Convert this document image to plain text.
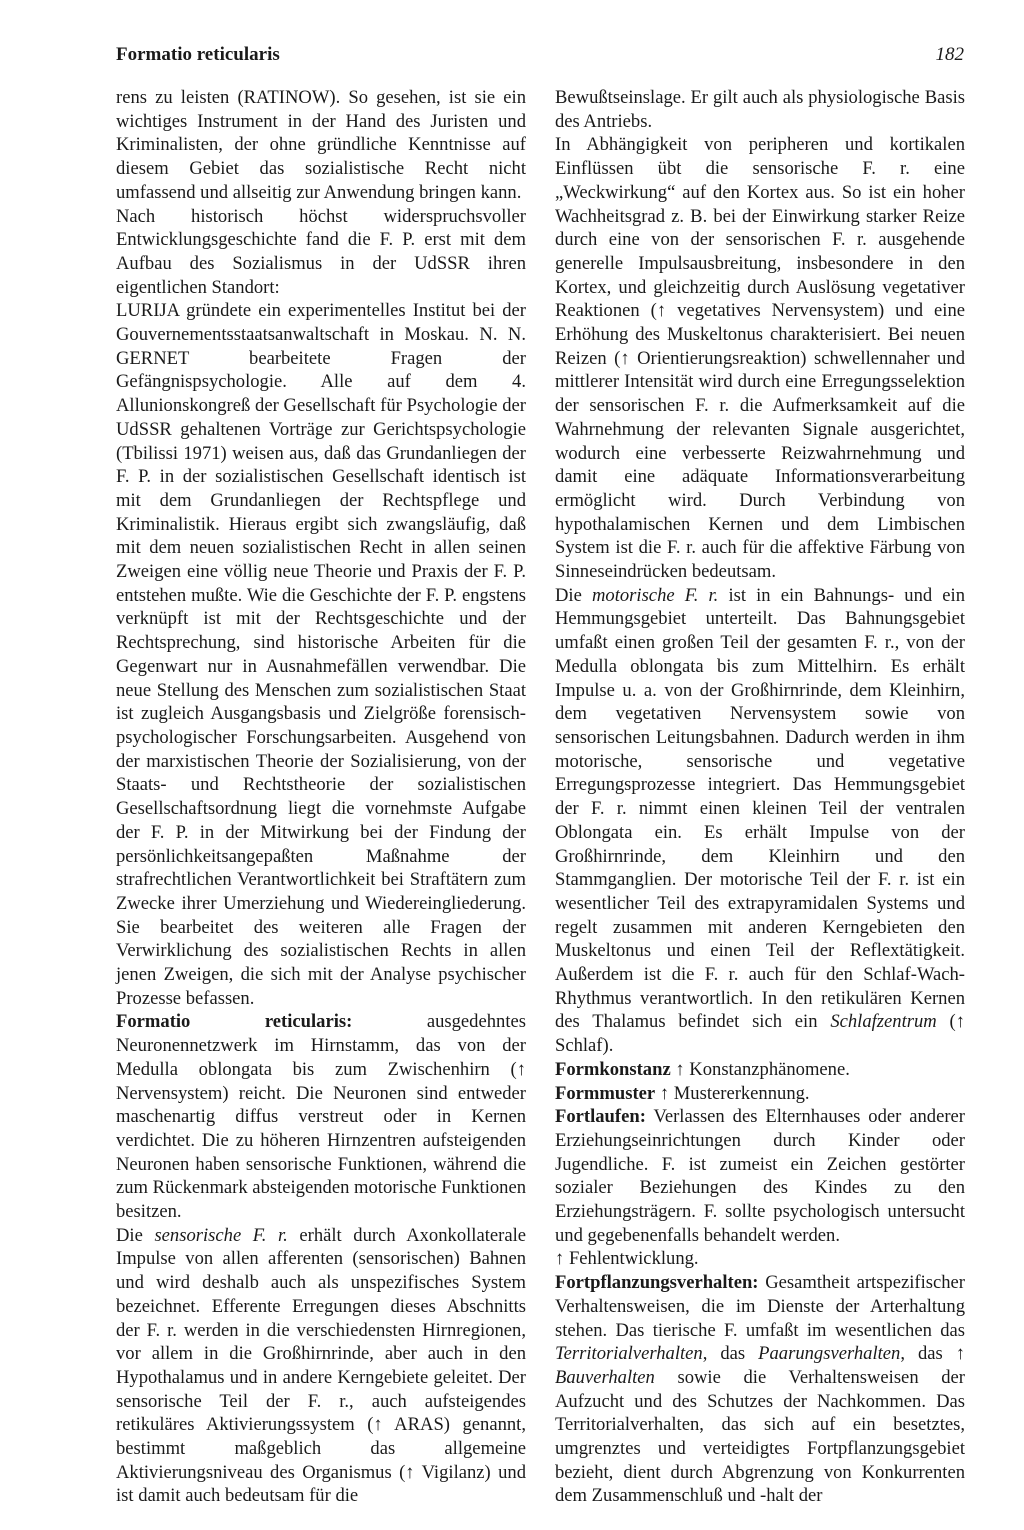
Formatio reticularis	182

rens zu leisten (RATINOW). So gesehen, ist sie ein wichtiges Instrument in der Hand des Juristen und Kriminalisten, der ohne gründliche Kenntnisse auf diesem Gebiet das sozialistische Recht nicht umfassend und allseitig zur Anwendung bringen kann.

Nach historisch höchst widerspruchsvoller Entwicklungsgeschichte fand die F. P. erst mit dem Aufbau des Sozialismus in der UdSSR ihren eigentlichen Standort:

LURIJA gründete ein experimentelles Institut bei der Gouvernementsstaatsanwaltschaft in Moskau. N. N. GERNET bearbeitete Fragen der Gefängnispsychologie. Alle auf dem 4. Allunionskongreß der Gesellschaft für Psychologie der UdSSR gehaltenen Vorträge zur Gerichtspsychologie (Tbilissi 1971) weisen aus, daß das Grundanliegen der F. P. in der sozialistischen Gesellschaft identisch ist mit dem Grundanliegen der Rechtspflege und Kriminalistik. Hieraus ergibt sich zwangsläufig, daß mit dem neuen sozialistischen Recht in allen seinen Zweigen eine völlig neue Theorie und Praxis der F. P. entstehen mußte. Wie die Geschichte der F. P. engstens verknüpft ist mit der Rechtsgeschichte und der Rechtsprechung, sind historische Arbeiten für die Gegenwart nur in Ausnahmefällen verwendbar. Die neue Stellung des Menschen zum sozialistischen Staat ist zugleich Ausgangsbasis und Zielgröße forensisch-psychologischer Forschungsarbeiten. Ausgehend von der marxistischen Theorie der Sozialisierung, von der Staats- und Rechtstheorie der sozialistischen Gesellschaftsordnung liegt die vornehmste Aufgabe der F. P. in der Mitwirkung bei der Findung der persönlichkeitsangepaßten Maßnahme der strafrechtlichen Verantwortlichkeit bei Straftätern zum Zwecke ihrer Umerziehung und Wiedereingliederung. Sie bearbeitet des weiteren alle Fragen der Verwirklichung des sozialistischen Rechts in allen jenen Zweigen, die sich mit der Analyse psychischer Prozesse befassen.

Formatio reticularis: ausgedehntes Neuronennetzwerk im Hirnstamm, das von der Medulla oblongata bis zum Zwischenhirn (↑ Nervensystem) reicht. Die Neuronen sind entweder maschenartig diffus verstreut oder in Kernen verdichtet. Die zu höheren Hirnzentren aufsteigenden Neuronen haben sensorische Funktionen, während die zum Rückenmark absteigenden motorische Funktionen besitzen.

Die sensorische F. r. erhält durch Axonkollaterale Impulse von allen afferenten (sensorischen) Bahnen und wird deshalb auch als unspezifisches System bezeichnet. Efferente Erregungen dieses Abschnitts der F. r. werden in die verschiedensten Hirnregionen, vor allem in die Großhirnrinde, aber auch in den Hypothalamus und in andere Kerngebiete geleitet. Der sensorische Teil der F. r., auch aufsteigendes retikuläres Aktivierungssystem (↑ ARAS) genannt, bestimmt maßgeblich das allgemeine Aktivierungsniveau des Organismus (↑ Vigilanz) und ist damit auch bedeutsam für die

Bewußtseinslage. Er gilt auch als physiologische Basis des Antriebs.

In Abhängigkeit von peripheren und kortikalen Einflüssen übt die sensorische F. r. eine „Weckwirkung“ auf den Kortex aus. So ist ein hoher Wachheitsgrad z. B. bei der Einwirkung starker Reize durch eine von der sensorischen F. r. ausgehende generelle Impulsausbreitung, insbesondere in den Kortex, und gleichzeitig durch Auslösung vegetativer Reaktionen (↑ vegetatives Nervensystem) und eine Erhöhung des Muskeltonus charakterisiert. Bei neuen Reizen (↑ Orientierungsreaktion) schwellennaher und mittlerer Intensität wird durch eine Erregungsselektion der sensorischen F. r. die Aufmerksamkeit auf die Wahrnehmung der relevanten Signale ausgerichtet, wodurch eine verbesserte Reizwahrnehmung und damit eine adäquate Informationsverarbeitung ermöglicht wird. Durch Verbindung von hypothalamischen Kernen und dem Limbischen System ist die F. r. auch für die affektive Färbung von Sinneseindrücken bedeutsam.

Die motorische F. r. ist in ein Bahnungs- und ein Hemmungsgebiet unterteilt. Das Bahnungsgebiet umfaßt einen großen Teil der gesamten F. r., von der Medulla oblongata bis zum Mittelhirn. Es erhält Impulse u. a. von der Großhirnrinde, dem Kleinhirn, dem vegetativen Nervensystem sowie von sensorischen Leitungsbahnen. Dadurch werden in ihm motorische, sensorische und vegetative Erregungsprozesse integriert. Das Hemmungsgebiet der F. r. nimmt einen kleinen Teil der ventralen Oblongata ein. Es erhält Impulse von der Großhirnrinde, dem Kleinhirn und den Stammganglien. Der motorische Teil der F. r. ist ein wesentlicher Teil des extrapyramidalen Systems und regelt zusammen mit anderen Kerngebieten den Muskeltonus und einen Teil der Reflextätigkeit. Außerdem ist die F. r. auch für den Schlaf-Wach-Rhythmus verantwortlich. In den retikulären Kernen des Thalamus befindet sich ein Schlafzentrum (↑ Schlaf).

Formkonstanz ↑ Konstanzphänomene.

Formmuster ↑ Mustererkennung.

Fortlaufen: Verlassen des Elternhauses oder anderer Erziehungseinrichtungen durch Kinder oder Jugendliche. F. ist zumeist ein Zeichen gestörter sozialer Beziehungen des Kindes zu den Erziehungsträgern. F. sollte psychologisch untersucht und gegebenenfalls behandelt werden.

↑ Fehlentwicklung.

Fortpflanzungsverhalten: Gesamtheit artspezifischer Verhaltensweisen, die im Dienste der Arterhaltung stehen. Das tierische F. umfaßt im wesentlichen das Territorialverhalten, das Paarungsverhalten, das ↑ Bauverhalten sowie die Verhaltensweisen der Aufzucht und des Schutzes der Nachkommen. Das Territorialverhalten, das sich auf ein besetztes, umgrenztes und verteidigtes Fortpflanzungsgebiet bezieht, dient durch Abgrenzung von Konkurrenten dem Zusammenschluß und -halt der
